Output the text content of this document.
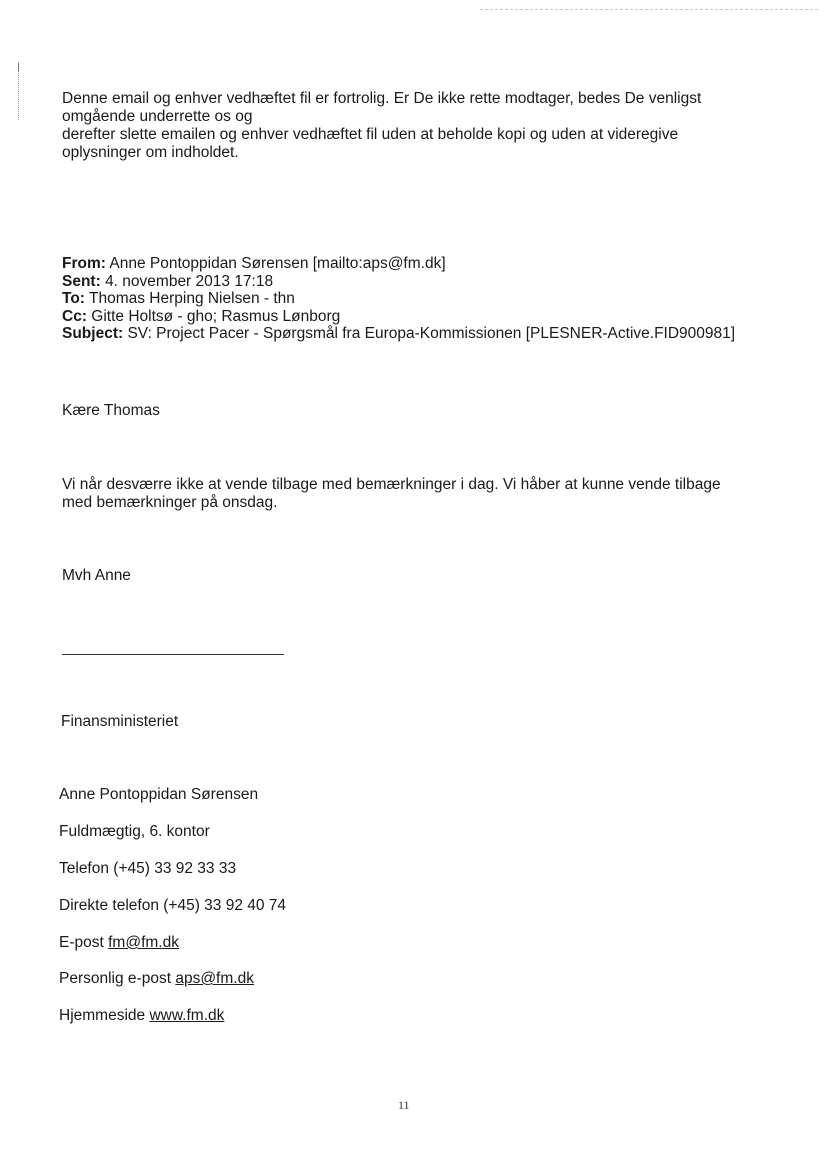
Denne email og enhver vedhæftet fil er fortrolig. Er De ikke rette modtager, bedes De venligst

omgående underrette os og

derefter slette emailen og enhver vedhæftet fil uden at beholde kopi og uden at videregive

oplysninger om indholdet.

From: Anne Pontoppidan Sørensen [mailto:aps@fm.dk]
Sent: 4. november 2013 17:18
To: Thomas Herping Nielsen - thn
Cc: Gitte Holtsø - gho; Rasmus Lønborg
Subject: SV: Project Pacer - Spørgsmål fra Europa-Kommissionen [PLESNER-Active.FID900981]
Kære Thomas
Vi når desværre ikke at vende tilbage med bemærkninger i dag. Vi håber at kunne vende tilbage
med bemærkninger på onsdag.
Mvh Anne
Finansministeriet
Anne Pontoppidan Sørensen
Fuldmægtig, 6. kontor
Telefon (+45) 33 92 33 33
Direkte telefon (+45) 33 92 40 74
E-post fm@fm.dk
Personlig e-post aps@fm.dk
Hjemmeside www.fm.dk
11
